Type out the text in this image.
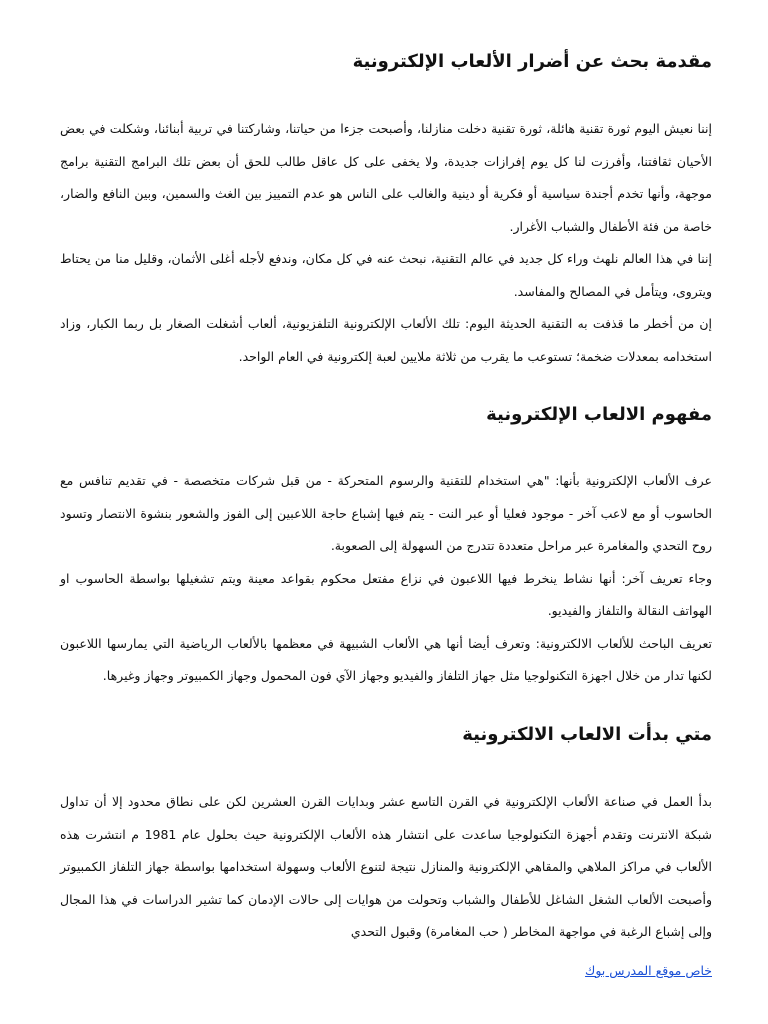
مقدمة بحث عن أضرار الألعاب الإلكترونية

إننا نعيش اليوم ثورة تقنية هائلة، ثورة تقنية دخلت منازلنا، وأصبحت جزءا من حياتنا، وشاركتنا في تربية أبنائنا، وشكلت في بعض الأحيان ثقافتنا، وأفرزت لنا كل يوم إفرازات جديدة، ولا يخفى على كل عاقل طالب للحق أن بعض تلك البرامج التقنية برامج موجهة، وأنها تخدم أجندة سياسية أو فكرية أو دينية والغالب على الناس هو عدم التمييز بين الغث والسمين، وبين النافع والضار، خاصة من فئة الأطفال والشباب الأغرار.

إننا في هذا العالم نلهث وراء كل جديد في عالم التقنية، نبحث عنه في كل مكان، وندفع لأجله أغلى الأثمان، وقليل منا من يحتاط ويتروى، ويتأمل في المصالح والمفاسد.

إن من أخطر ما قذفت به التقنية الحديثة اليوم: تلك الألعاب الإلكترونية التلفزيونية، ألعاب أشغلت الصغار بل ربما الكبار، وزاد استخدامه بمعدلات ضخمة؛ تستوعب ما يقرب من ثلاثة ملايين لعبة إلكترونية في العام الواحد.

مفهوم الالعاب الإلكترونية

عرف الألعاب الإلكترونية بأنها: "هي استخدام للتقنية والرسوم المتحركة - من قبل شركات متخصصة - في تقديم تنافس مع الحاسوب أو مع لاعب آخر - موجود فعليا أو عبر النت - يتم فيها إشباع حاجة اللاعبين إلى الفوز والشعور بنشوة الانتصار وتسود روح التحدي والمغامرة عبر مراحل متعددة تتدرج من السهولة إلى الصعوبة.

وجاء تعريف آخر: أنها نشاط ينخرط فيها اللاعبون في نزاع مفتعل محكوم بقواعد معينة ويتم تشغيلها بواسطة الحاسوب او الهواتف النقالة والتلفاز والفيديو.

تعريف الباحث للألعاب الالكترونية: وتعرف أيضا أنها هي الألعاب الشبيهة في معظمها بالألعاب الرياضية التي يمارسها اللاعبون لكنها تدار من خلال اجهزة التكنولوجيا مثل جهاز التلفاز والفيديو وجهاز الآي فون المحمول وجهاز الكمبيوتر وجهاز وغيرها.

متي بدأت الالعاب الالكترونية

بدأ العمل في صناعة الألعاب الإلكترونية في القرن التاسع عشر وبدايات القرن العشرين لكن على نطاق محدود إلا أن تداول شبكة الانترنت وتقدم أجهزة التكنولوجيا ساعدت على انتشار هذه الألعاب الإلكترونية حيث بحلول عام 1981 م انتشرت هذه الألعاب في مراكز الملاهي والمقاهي الإلكترونية والمنازل نتيجة لتنوع الألعاب وسهولة استخدامها بواسطة جهاز التلفاز الكمبيوتر وأصبحت الألعاب الشغل الشاغل للأطفال والشباب وتحولت من هوايات إلى حالات الإدمان كما تشير الدراسات في هذا المجال وإلى إشباع الرغبة في مواجهة المخاطر ( حب المغامرة) وقبول التحدي

خاص موقع المدرس بوك
